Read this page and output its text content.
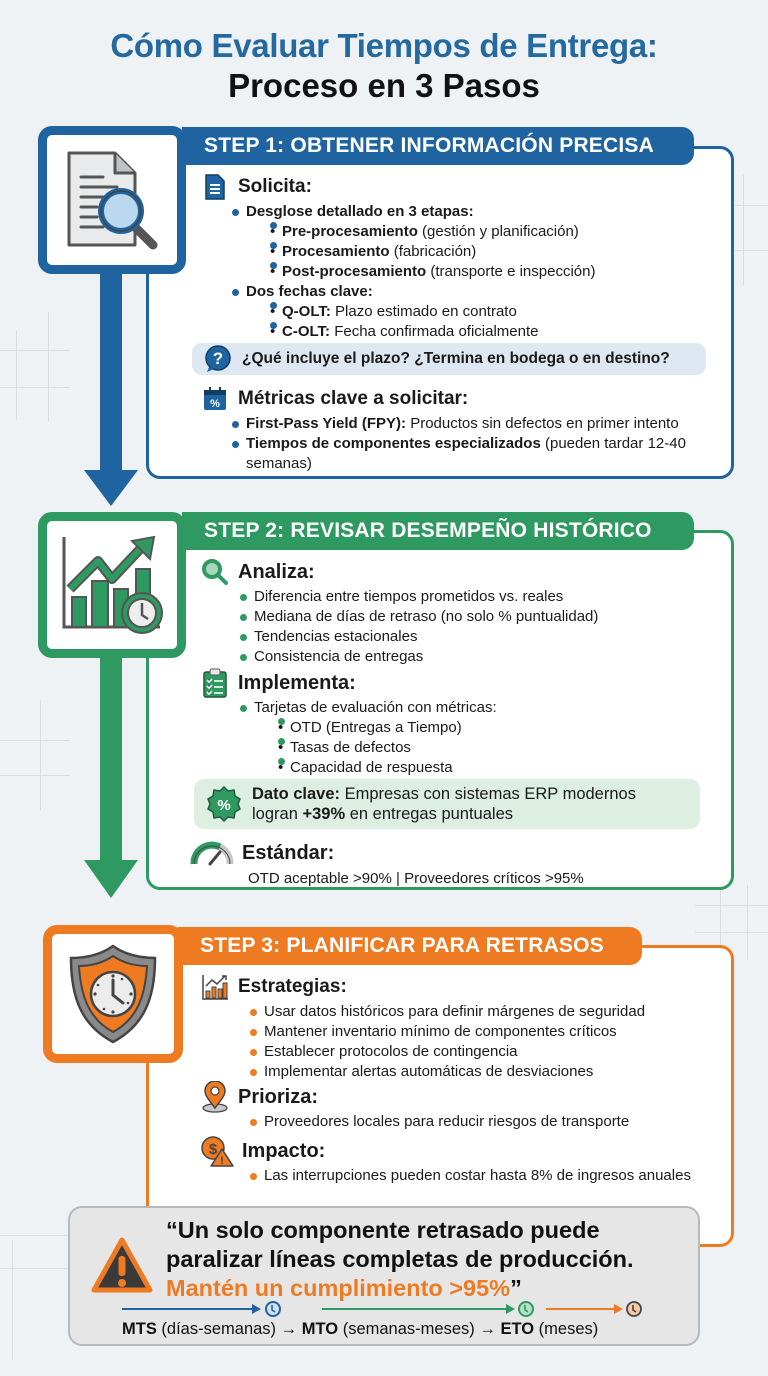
Cómo Evaluar Tiempos de Entrega:
Proceso en 3 Pasos
STEP 1: OBTENER INFORMACIÓN PRECISA
Solicita:
Desglose detallado en 3 etapas:
• Pre-procesamiento (gestión y planificación)
• Procesamiento (fabricación)
• Post-procesamiento (transporte e inspección)
Dos fechas clave:
• Q-OLT: Plazo estimado en contrato
• C-OLT: Fecha confirmada oficialmente
? ¿Qué incluye el plazo? ¿Termina en bodega o en destino?
% Métricas clave a solicitar:
First-Pass Yield (FPY): Productos sin defectos en primer intento
Tiempos de componentes especializados (pueden tardar 12-40 semanas)
STEP 2: REVISAR DESEMPEÑO HISTÓRICO
Analiza:
Diferencia entre tiempos prometidos vs. reales
Mediana de días de retraso (no solo % puntualidad)
Tendencias estacionales
Consistencia de entregas
Implementa:
Tarjetas de evaluación con métricas:
• OTD (Entregas a Tiempo)
• Tasas de defectos
• Capacidad de respuesta
%
Dato clave: Empresas con sistemas ERP modernos
logran +39% en entregas puntuales
Estándar:
OTD aceptable >90% | Proveedores críticos >95%
STEP 3: PLANIFICAR PARA RETRASOS
Estrategias:
Usar datos históricos para definir márgenes de seguridad
Mantener inventario mínimo de componentes críticos
Establecer protocolos de contingencia
Implementar alertas automáticas de desviaciones
Prioriza:
Proveedores locales para reducir riesgos de transporte
$
! Impacto:
Las interrupciones pueden costar hasta 8% de ingresos anuales
“Un solo componente retrasado puede
paralizar líneas completas de producción.
Mantén un cumplimiento >95%”
MTS (días-semanas) → MTO (semanas-meses) → ETO (meses)
